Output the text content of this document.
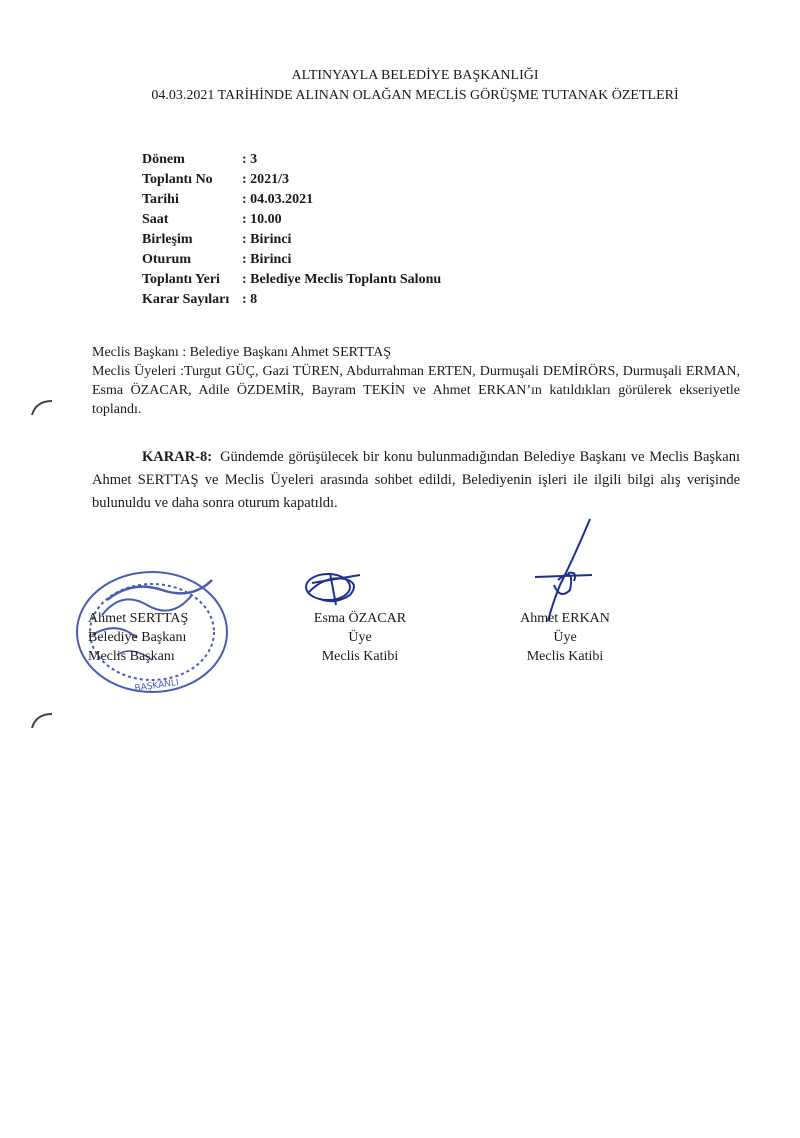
ALTINYAYLA BELEDİYE BAŞKANLIĞI
04.03.2021 TARİHİNDE ALINAN OLAĞAN MECLİS GÖRÜŞME TUTANAK ÖZETLERİ
Dönem	: 3
Toplantı No	: 2021/3
Tarihi	: 04.03.2021
Saat	: 10.00
Birleşim	: Birinci
Oturum	: Birinci
Toplantı Yeri	: Belediye Meclis Toplantı Salonu
Karar Sayıları : 8
Meclis Başkanı : Belediye Başkanı Ahmet SERTTAŞ
Meclis Üyeleri :Turgut GÜÇ, Gazi TÜREN, Abdurrahman ERTEN, Durmuşali DEMİRÖRS, Durmuşali ERMAN, Esma ÖZACAR, Adile ÖZDEMİR, Bayram TEKİN ve Ahmet ERKAN’ın katıldıkları görülerek ekseriyetle toplandı.
KARAR-8: Gündemde görüşülecek bir konu bulunmadığından Belediye Başkanı ve Meclis Başkanı Ahmet SERTTAŞ ve Meclis Üyeleri arasında sohbet edildi, Belediyenin işleri ile ilgili bilgi alış verişinde bulunuldu ve daha sonra oturum kapatıldı.
BAŞKANLI
Ahmet SERTTAŞ
Belediye Başkanı
Meclis Başkanı
Esma ÖZACAR
Üye
Meclis Katibi
Ahmet ERKAN
Üye
Meclis Katibi
